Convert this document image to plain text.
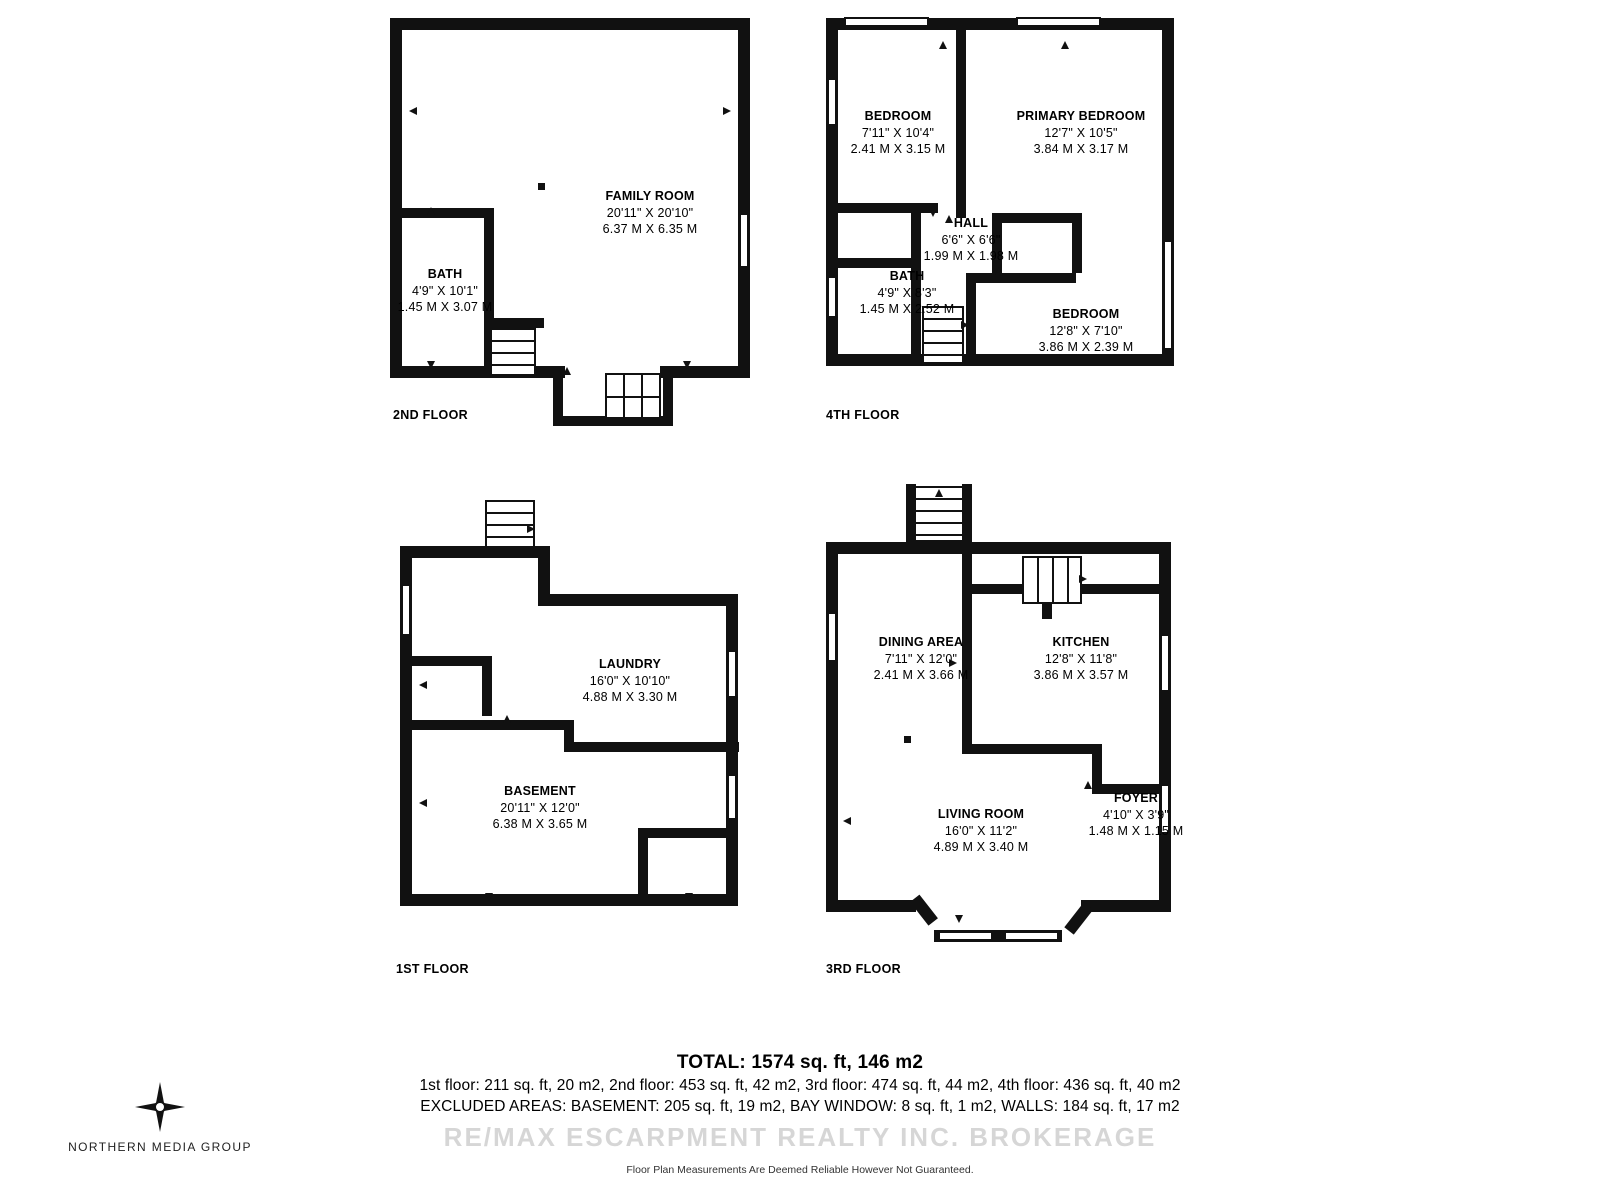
FAMILY ROOM
20'11" X 20'10"
6.37 M X 6.35 M
BATH
4'9" X 10'1"
1.45 M X 3.07 M
2ND FLOOR
BEDROOM
7'11" X 10'4"
2.41 M X 3.15 M
PRIMARY BEDROOM
12'7" X 10'5"
3.84 M X 3.17 M
HALL
6'6" X 6'6"
1.99 M X 1.98 M
BATH
4'9" X 8'3"
1.45 M X 2.52 M	BEDROOM
12'8" X 7'10"
3.86 M X 2.39 M
4TH FLOOR
LAUNDRY
16'0" X 10'10"
4.88 M X 3.30 M
BASEMENT
20'11" X 12'0"
6.38 M X 3.65 M
1ST FLOOR
DINING AREA
7'11" X 12'0"
2.41 M X 3.66 M
KITCHEN
12'8" X 11'8"
3.86 M X 3.57 M
FOYER
4'10" X 3'9"
1.48 M X 1.15 M
LIVING ROOM
16'0" X 11'2"
4.89 M X 3.40 M
3RD FLOOR
TOTAL: 1574 sq. ft, 146 m2
1st floor: 211 sq. ft, 20 m2, 2nd floor: 453 sq. ft, 42 m2, 3rd floor: 474 sq. ft, 44 m2, 4th floor: 436 sq. ft, 40 m2
EXCLUDED AREAS: BASEMENT: 205 sq. ft, 19 m2, BAY WINDOW: 8 sq. ft, 1 m2, WALLS: 184 sq. ft, 17 m2
RE/MAX ESCARPMENT REALTY INC. BROKERAGE
Floor Plan Measurements Are Deemed Reliable However Not Guaranteed.
NORTHERN MEDIA GROUP
